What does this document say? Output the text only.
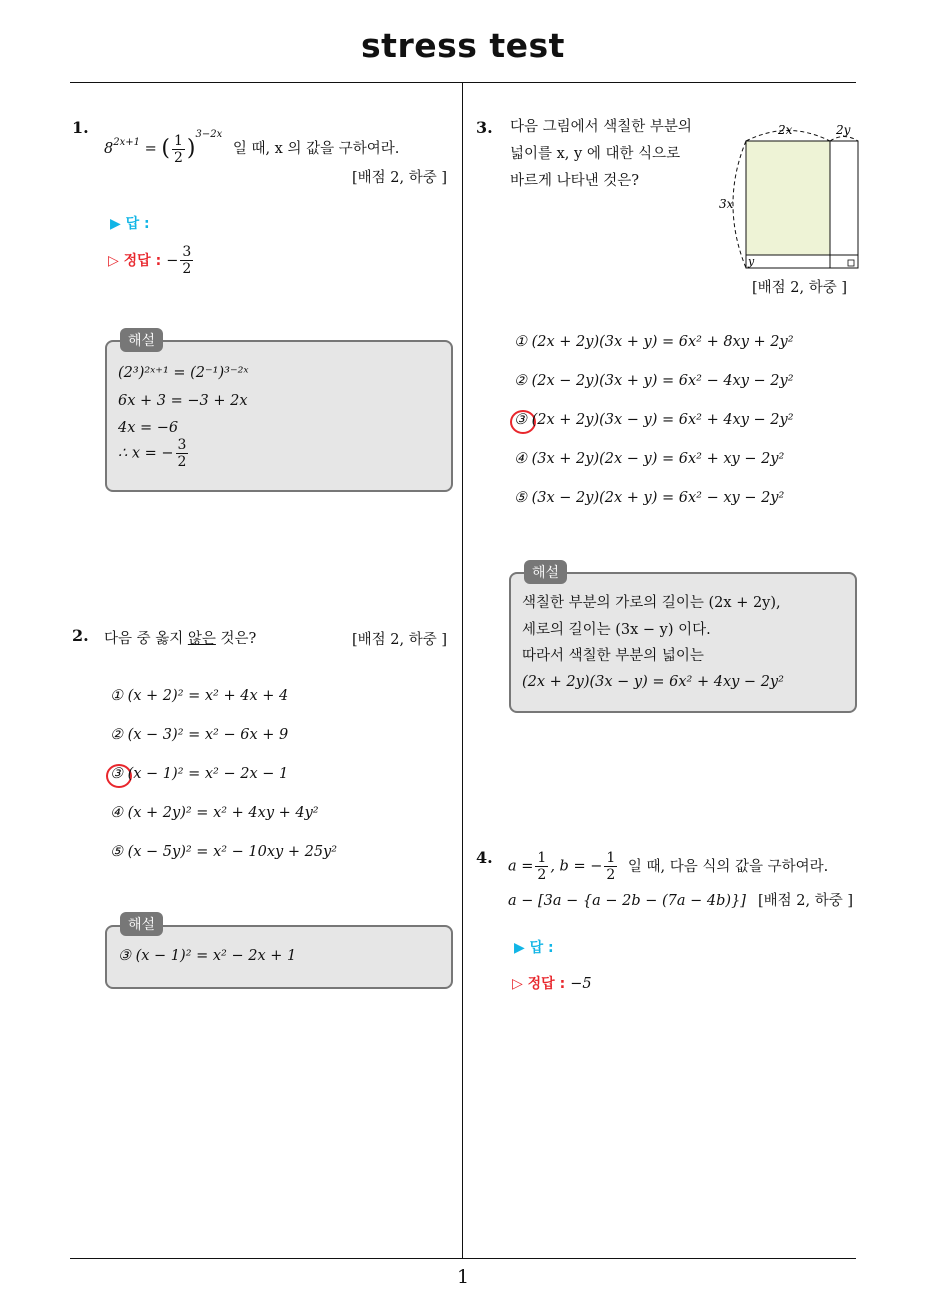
stress test
1
1.
$8^{2x+1}$ = ( $\frac{1}{2} )^{3-2x}$ 일 때, x 의 값을 구하여라.
[배점 2, 하중 ]
▶ 답 :
▷ 정답 : − $\frac{3}{2}$
해설
(2³)²ˣ⁺¹ = (2⁻¹)³⁻²ˣ
6x + 3 = −3 + 2x
4x = −6
∴ x = − $\frac{3}{2}$
2. 다음 중 옳지 않은 것은?	[배점 2, 하중 ]
① (x + 2)² = x² + 4x + 4
② (x − 3)² = x² − 6x + 9
③ (x − 1)² = x² − 2x − 1
④ (x + 2y)² = x² + 4xy + 4y²
⑤ (x − 5y)² = x² − 10xy + 25y²
해설
③ (x − 1)² = x² − 2x + 1
3. 다음 그림에서 색칠한 부분의
넓이를 x, y 에 대한 식으로
바르게 나타낸 것은?
2x	2y
3x
y
[배점 2, 하중 ]
① (2x + 2y)(3x + y) = 6x² + 8xy + 2y²
② (2x − 2y)(3x + y) = 6x² − 4xy − 2y²
③ (2x + 2y)(3x − y) = 6x² + 4xy − 2y²
④ (3x + 2y)(2x − y) = 6x² + xy − 2y²
⑤ (3x − 2y)(2x + y) = 6x² − xy − 2y²
해설
색칠한 부분의 가로의 길이는 (2x + 2y),
세로의 길이는 (3x − y) 이다.
따라서 색칠한 부분의 넓이는
(2x + 2y)(3x − y) = 6x² + 4xy − 2y²
4. $a = \frac{1}{2}$ , b = − $\frac{1}{2}$ 일 때, 다음 식의 값을 구하여라.
a − [3a − {a − 2b − (7a − 4b)}] [배점 2, 하중 ]
▶ 답 :
▷ 정답 : −5
